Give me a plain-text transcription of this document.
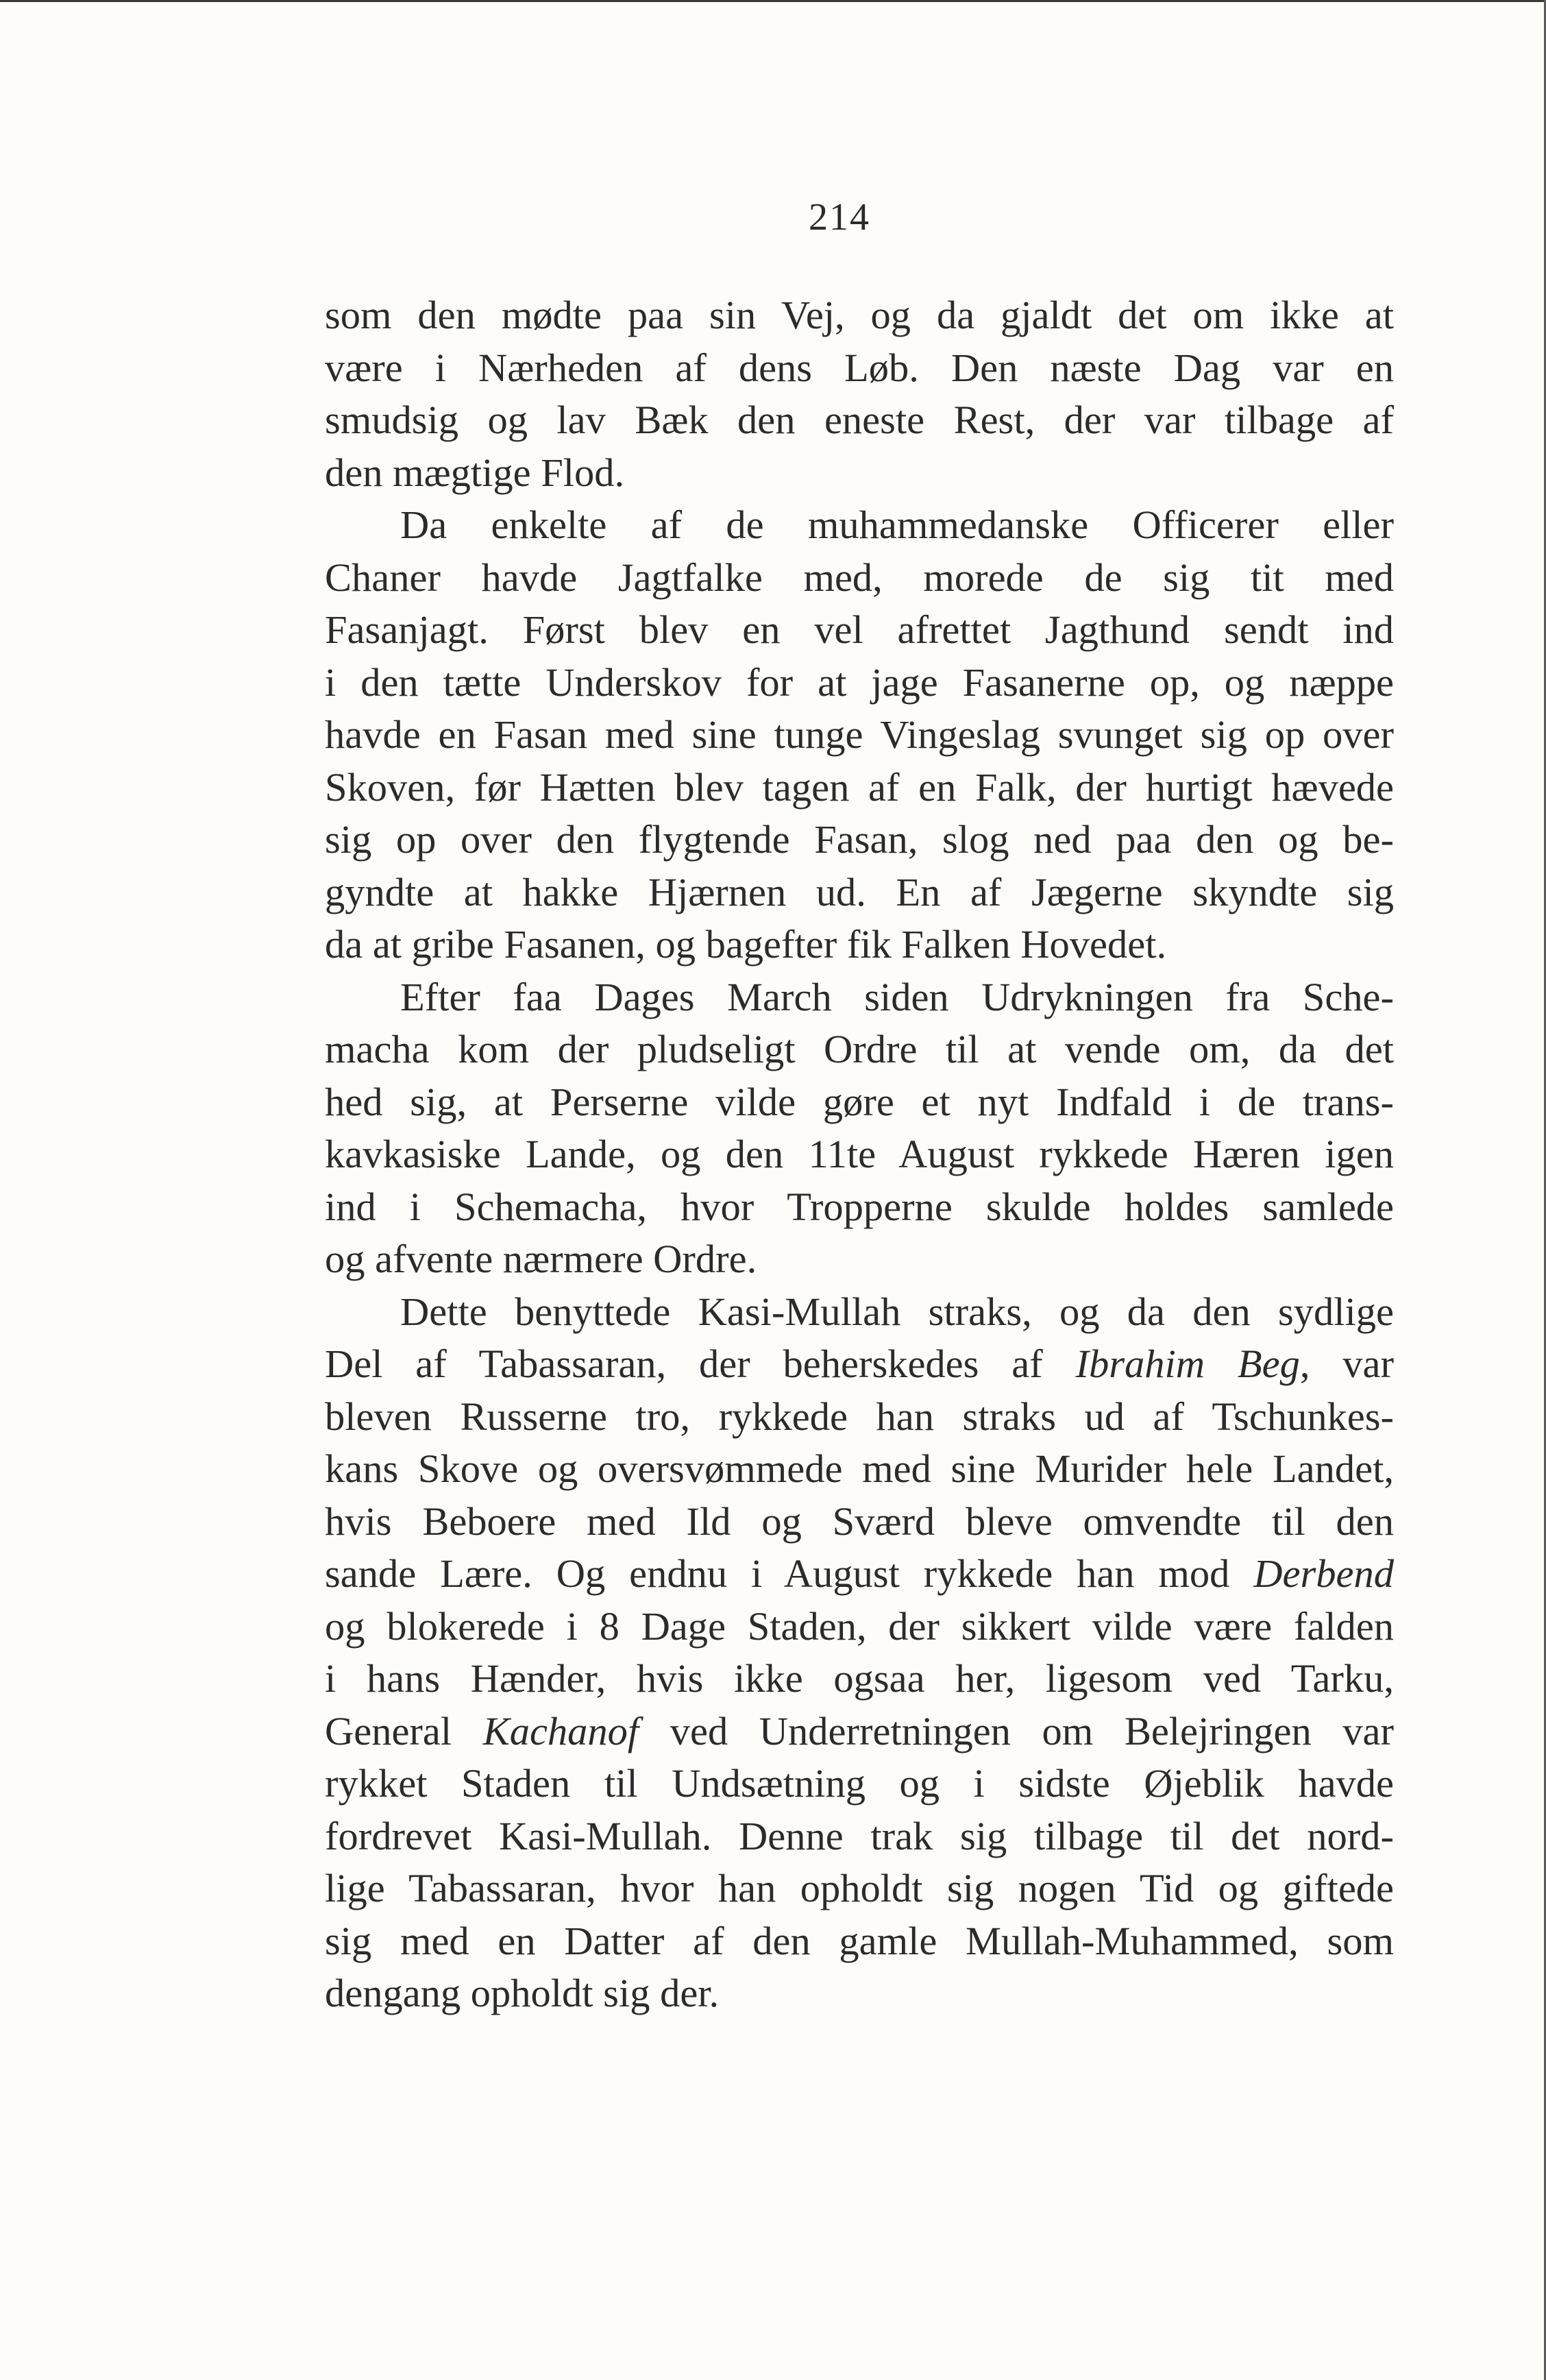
214
som den mødte paa sin Vej, og da gjaldt det om ikke at
være i Nærheden af dens Løb. Den næste Dag var en
smudsig og lav Bæk den eneste Rest, der var tilbage af
den mægtige Flod.
Da enkelte af de muhammedanske Officerer eller
Chaner havde Jagtfalke med, morede de sig tit med
Fasanjagt. Først blev en vel afrettet Jagthund sendt ind
i den tætte Underskov for at jage Fasanerne op, og næppe
havde en Fasan med sine tunge Vingeslag svunget sig op over
Skoven, før Hætten blev tagen af en Falk, der hurtigt hævede
sig op over den flygtende Fasan, slog ned paa den og be-
gyndte at hakke Hjærnen ud. En af Jægerne skyndte sig
da at gribe Fasanen, og bagefter fik Falken Hovedet.
Efter faa Dages March siden Udrykningen fra Sche-
macha kom der pludseligt Ordre til at vende om, da det
hed sig, at Perserne vilde gøre et nyt Indfald i de trans-
kavkasiske Lande, og den 11te August rykkede Hæren igen
ind i Schemacha, hvor Tropperne skulde holdes samlede
og afvente nærmere Ordre.
Dette benyttede Kasi-Mullah straks, og da den sydlige
Del af Tabassaran, der beherskedes af Ibrahim Beg, var
bleven Russerne tro, rykkede han straks ud af Tschunkes-
kans Skove og oversvømmede med sine Murider hele Landet,
hvis Beboere med Ild og Sværd bleve omvendte til den
sande Lære. Og endnu i August rykkede han mod Derbend
og blokerede i 8 Dage Staden, der sikkert vilde være falden
i hans Hænder, hvis ikke ogsaa her, ligesom ved Tarku,
General Kachanof ved Underretningen om Belejringen var
rykket Staden til Undsætning og i sidste Øjeblik havde
fordrevet Kasi-Mullah. Denne trak sig tilbage til det nord-
lige Tabassaran, hvor han opholdt sig nogen Tid og giftede
sig med en Datter af den gamle Mullah-Muhammed, som
dengang opholdt sig der.
